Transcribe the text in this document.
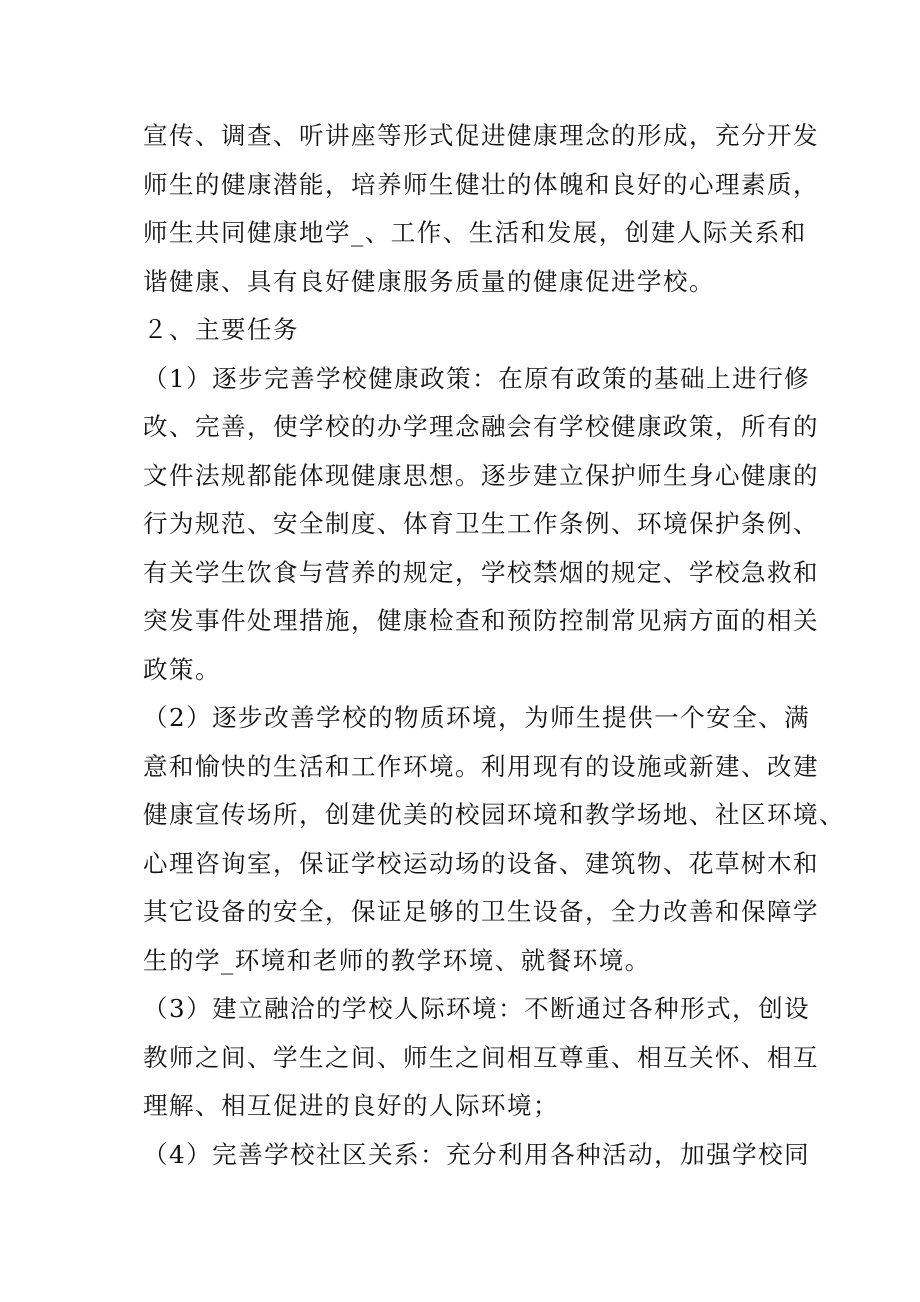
宣传、调查、听讲座等形式促进健康理念的形成，充分开发
师生的健康潜能，培养师生健壮的体魄和良好的心理素质，
师生共同健康地学_、工作、生活和发展，创建人际关系和
谐健康、具有良好健康服务质量的健康促进学校。
２、主要任务
（1）逐步完善学校健康政策：在原有政策的基础上进行修
改、完善，使学校的办学理念融会有学校健康政策，所有的
文件法规都能体现健康思想。逐步建立保护师生身心健康的
行为规范、安全制度、体育卫生工作条例、环境保护条例、
有关学生饮食与营养的规定，学校禁烟的规定、学校急救和
突发事件处理措施，健康检查和预防控制常见病方面的相关
政策。
（2）逐步改善学校的物质环境，为师生提供一个安全、满
意和愉快的生活和工作环境。利用现有的设施或新建、改建
健康宣传场所，创建优美的校园环境和教学场地、社区环境、
心理咨询室，保证学校运动场的设备、建筑物、花草树木和
其它设备的安全，保证足够的卫生设备，全力改善和保障学
生的学_环境和老师的教学环境、就餐环境。
（3）建立融洽的学校人际环境：不断通过各种形式，创设
教师之间、学生之间、师生之间相互尊重、相互关怀、相互
理解、相互促进的良好的人际环境；
（4）完善学校社区关系：充分利用各种活动，加强学校同
